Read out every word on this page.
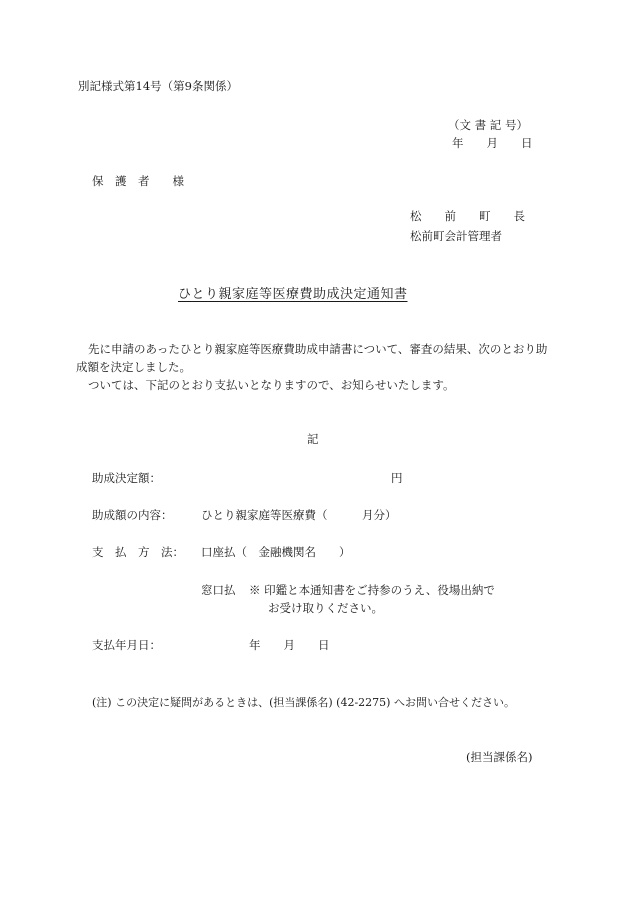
別記様式第14号（第9条関係）
（文 書 記 号）
年　　月　　日
保　護　者　　様
松　　前　　町　　長
松前町会計管理者
ひとり親家庭等医療費助成決定通知書
先に申請のあったひとり親家庭等医療費助成申請書について、審査の結果、次のとおり助成額を決定しました。
ついては、下記のとおり支払いとなりますので、お知らせいたします。
記
助成決定額：	円
助成額の内容： ひとり親家庭等医療費（　　　月分）
支　払　方　法： 口座払（　金融機関名　　）
窓口払 ※ 印鑑と本通知書をご持参のうえ、役場出納で
お受け取りください。
支払年月日：	年　　月　　日
(注) この決定に疑問があるときは、(担当課係名) (42-2275) へお問い合せください。
(担当課係名)
